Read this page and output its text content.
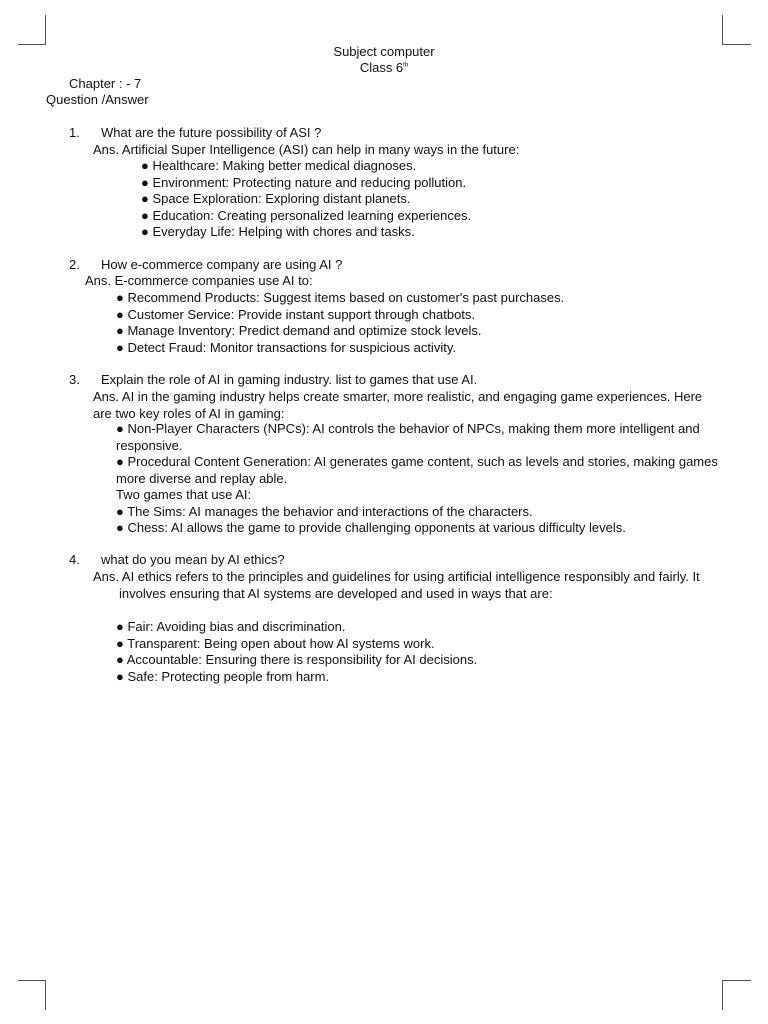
Subject computer
Class 6th
Chapter : - 7
Question /Answer
1. What are the future possibility of ASI ?
Ans. Artificial Super Intelligence (ASI) can help in many ways in the future:
● Healthcare: Making better medical diagnoses.
● Environment: Protecting nature and reducing pollution.
● Space Exploration: Exploring distant planets.
● Education: Creating personalized learning experiences.
● Everyday Life: Helping with chores and tasks.
2. How e-commerce company are using AI ?
Ans. E-commerce companies use AI to:
● Recommend Products: Suggest items based on customer's past purchases.
● Customer Service: Provide instant support through chatbots.
● Manage Inventory: Predict demand and optimize stock levels.
● Detect Fraud: Monitor transactions for suspicious activity.
3. Explain the role of AI in gaming industry. list to games that use AI.
Ans. AI in the gaming industry helps create smarter, more realistic, and engaging game experiences. Here are two key roles of AI in gaming:
● Non-Player Characters (NPCs): AI controls the behavior of NPCs, making them more intelligent and responsive.
● Procedural Content Generation: AI generates game content, such as levels and stories, making games more diverse and replay able.
Two games that use AI:
● The Sims: AI manages the behavior and interactions of the characters.
● Chess: AI allows the game to provide challenging opponents at various difficulty levels.
4. what do you mean by AI ethics?
Ans. AI ethics refers to the principles and guidelines for using artificial intelligence responsibly and fairly. It
involves ensuring that AI systems are developed and used in ways that are:
● Fair: Avoiding bias and discrimination.
● Transparent: Being open about how AI systems work.
● Accountable: Ensuring there is responsibility for AI decisions.
● Safe: Protecting people from harm.
